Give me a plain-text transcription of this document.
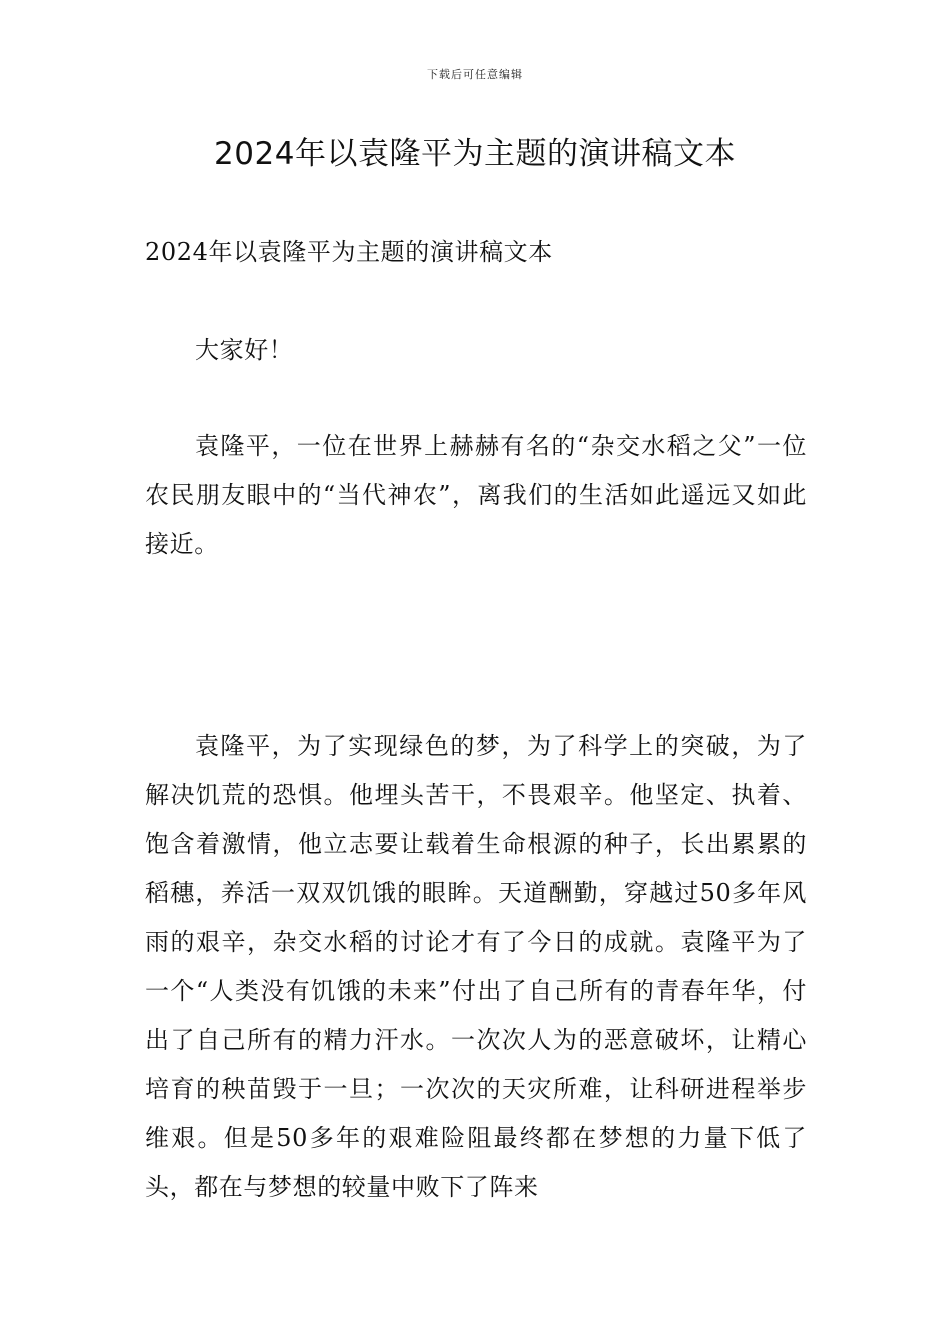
下载后可任意编辑
2024年以袁隆平为主题的演讲稿文本

2024年以袁隆平为主题的演讲稿文本

大家好！

袁隆平，一位在世界上赫赫有名的“杂交水稻之父”一位农民朋友眼中的“当代神农”，离我们的生活如此遥远又如此接近。

袁隆平，为了实现绿色的梦，为了科学上的突破，为了解决饥荒的恐惧。他埋头苦干，不畏艰辛。他坚定、执着、饱含着激情，他立志要让载着生命根源的种子，长出累累的稻穗，养活一双双饥饿的眼眸。天道酬勤，穿越过50多年风雨的艰辛，杂交水稻的讨论才有了今日的成就。袁隆平为了一个“人类没有饥饿的未来”付出了自己所有的青春年华，付出了自己所有的精力汗水。一次次人为的恶意破坏，让精心培育的秧苗毁于一旦；一次次的天灾所难，让科研进程举步维艰。但是50多年的艰难险阻最终都在梦想的力量下低了头，都在与梦想的较量中败下了阵来
